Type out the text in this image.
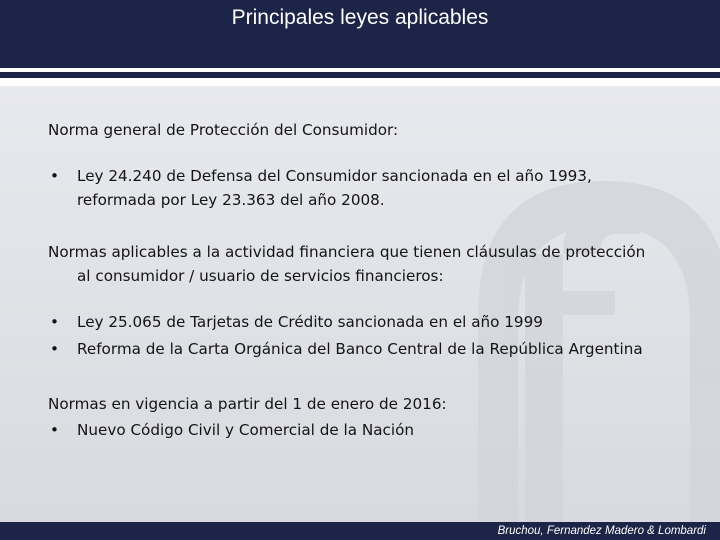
Principales leyes aplicables

Norma general de Protección del Consumidor:

• Ley 24.240 de Defensa del Consumidor sancionada en el año 1993,
reformada por Ley 23.363 del año 2008.
Normas aplicables a la actividad financiera que tienen cláusulas de protección
al consumidor / usuario de servicios financieros:
• Ley 25.065 de Tarjetas de Crédito sancionada en el año 1999
• Reforma de la Carta Orgánica del Banco Central de la República Argentina

Normas en vigencia a partir del 1 de enero de 2016:

• Nuevo Código Civil y Comercial de la Nación
Bruchou, Fernandez Madero & Lombardi
